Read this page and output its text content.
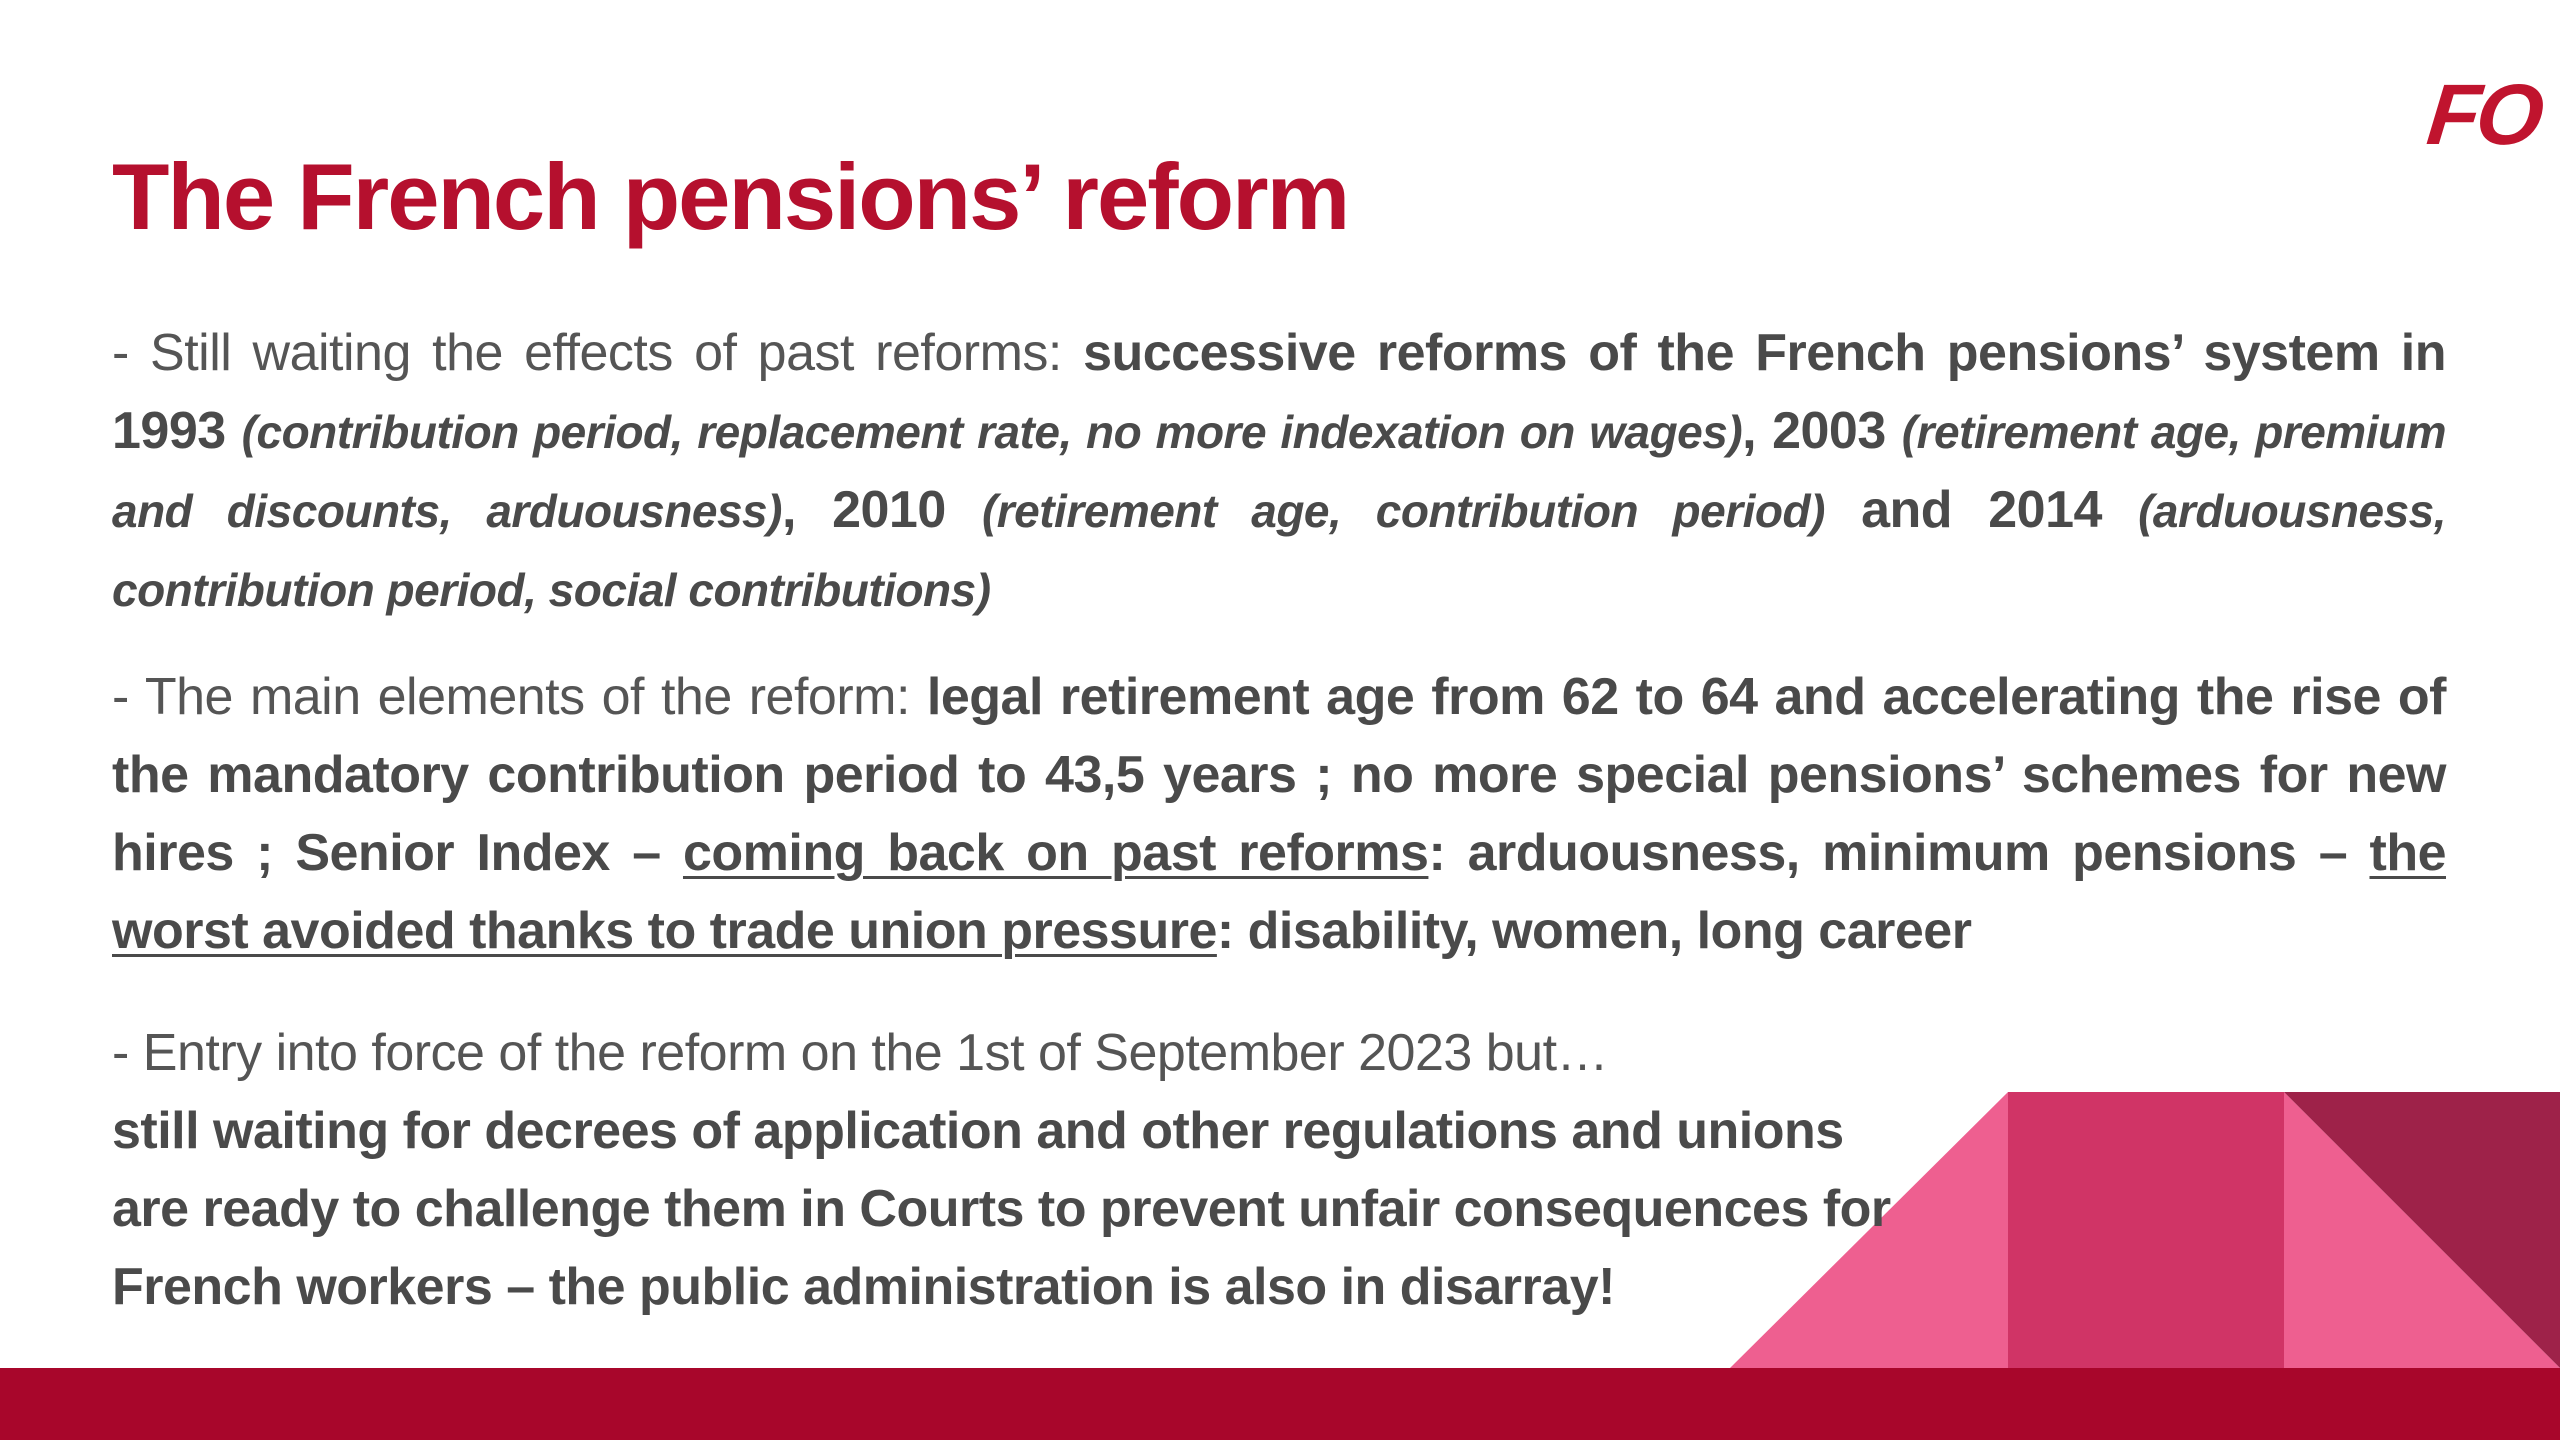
FO
The French pensions’ reform

- Still waiting the effects of past reforms: successive reforms of the French pensions’ system in 1993 (contribution period, replacement rate, no more indexation on wages), 2003 (retirement age, premium and discounts, arduousness), 2010 (retirement age, contribution period) and 2014 (arduousness, contribution period, social contributions)

- The main elements of the reform: legal retirement age from 62 to 64 and accelerating the rise of the mandatory contribution period to 43,5 years ; no more special pensions’ schemes for new hires ; Senior Index – coming back on past reforms: arduousness, minimum pensions – the worst avoided thanks to trade union pressure: disability, women, long career

- Entry into force of the reform on the 1st of September 2023 but…
still waiting for decrees of application and other regulations and unions are ready to challenge them in Courts to prevent unfair consequences for French workers – the public administration is also in disarray!
